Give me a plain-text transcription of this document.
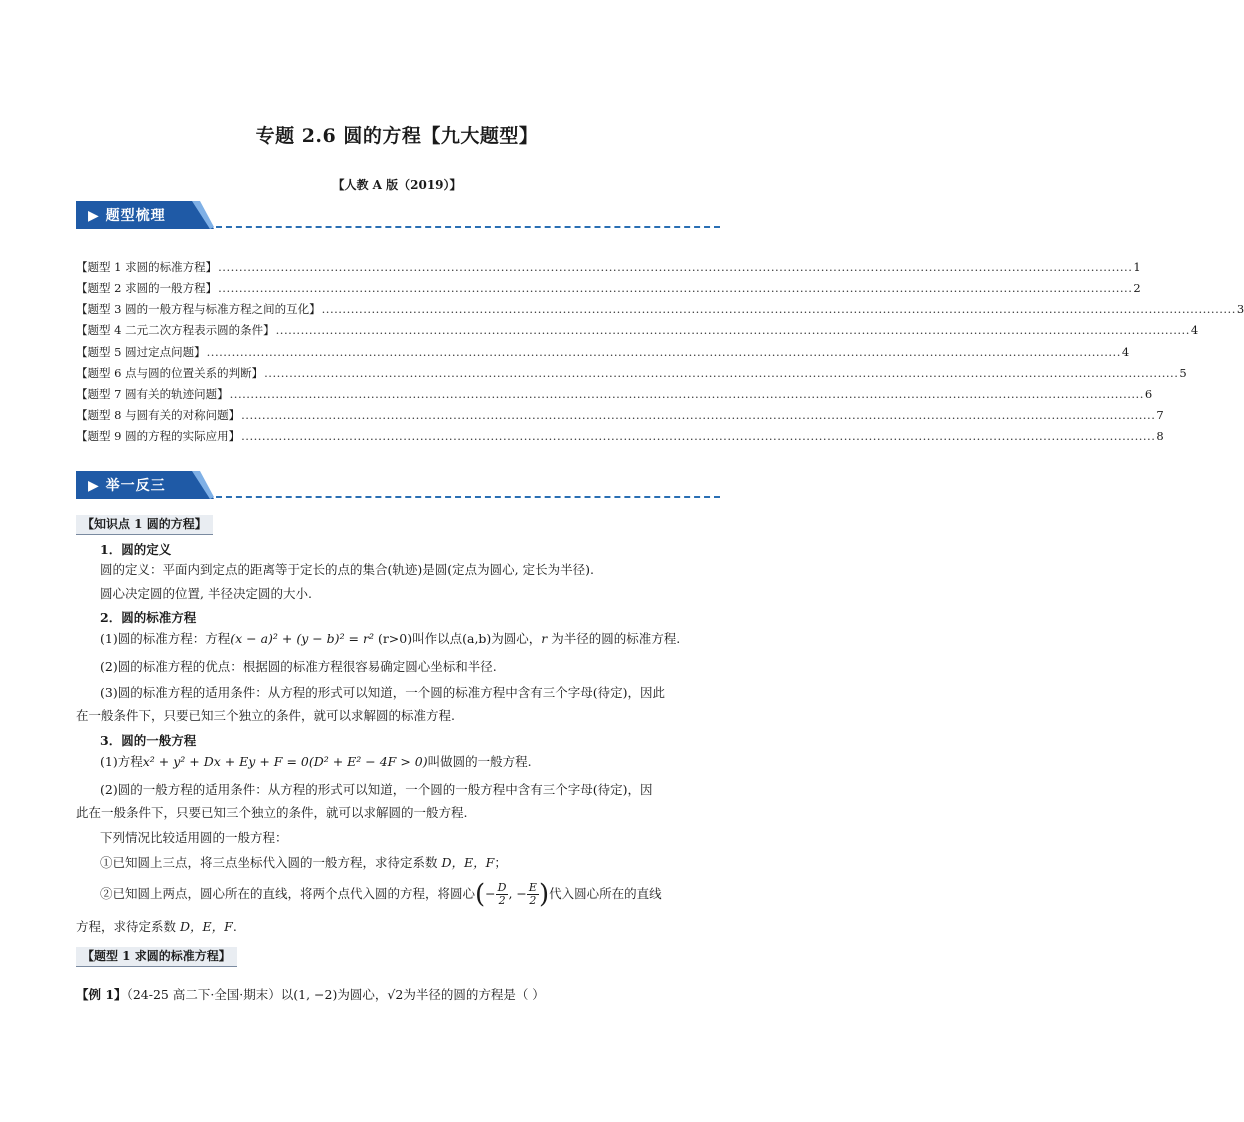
专题 2.6 圆的方程【九大题型】
【人教 A 版（2019）】
▶ 题型梳理
【题型 1 求圆的标准方程】 ............................................................................................................................................................................................................................ 1
【题型 2 求圆的一般方程】 ............................................................................................................................................................................................................................ 2
【题型 3 圆的一般方程与标准方程之间的互化】 ............................................................................................................................................................................................................................ 3
【题型 4 二元二次方程表示圆的条件】 ............................................................................................................................................................................................................................ 4
【题型 5 圆过定点问题】 ............................................................................................................................................................................................................................ 4
【题型 6 点与圆的位置关系的判断】 ............................................................................................................................................................................................................................ 5
【题型 7 圆有关的轨迹问题】 ............................................................................................................................................................................................................................ 6
【题型 8 与圆有关的对称问题】 ............................................................................................................................................................................................................................ 7
【题型 9 圆的方程的实际应用】 ............................................................................................................................................................................................................................ 8
▶ 举一反三
【知识点 1 圆的方程】
1．圆的定义
圆的定义：平面内到定点的距离等于定长的点的集合(轨迹)是圆(定点为圆心, 定长为半径).
圆心决定圆的位置, 半径决定圆的大小.
2．圆的标准方程
(1)圆的标准方程：方程(x − a)² + (y − b)² = r² (r>0)叫作以点(a,b)为圆心，r 为半径的圆的标准方程.
(2)圆的标准方程的优点：根据圆的标准方程很容易确定圆心坐标和半径.
(3)圆的标准方程的适用条件：从方程的形式可以知道，一个圆的标准方程中含有三个字母(待定)，因此
在一般条件下，只要已知三个独立的条件，就可以求解圆的标准方程.
3．圆的一般方程
(1)方程x² + y² + Dx + Ey + F = 0(D² + E² − 4F > 0)叫做圆的一般方程.
(2)圆的一般方程的适用条件：从方程的形式可以知道，一个圆的一般方程中含有三个字母(待定)，因
此在一般条件下，只要已知三个独立的条件，就可以求解圆的一般方程.
下列情况比较适用圆的一般方程：
①已知圆上三点，将三点坐标代入圆的一般方程，求待定系数 D，E，F；
②已知圆上两点，圆心所在的直线，将两个点代入圆的方程，将圆心(− $\frac{D}{2}$ , − $\frac{E}{2}$ )代入圆心所在的直线
方程，求待定系数 D，E，F.
【题型 1 求圆的标准方程】
【例 1】（24-25 高二下·全国·期末）以(1, −2)为圆心，√2为半径的圆的方程是（ ）
